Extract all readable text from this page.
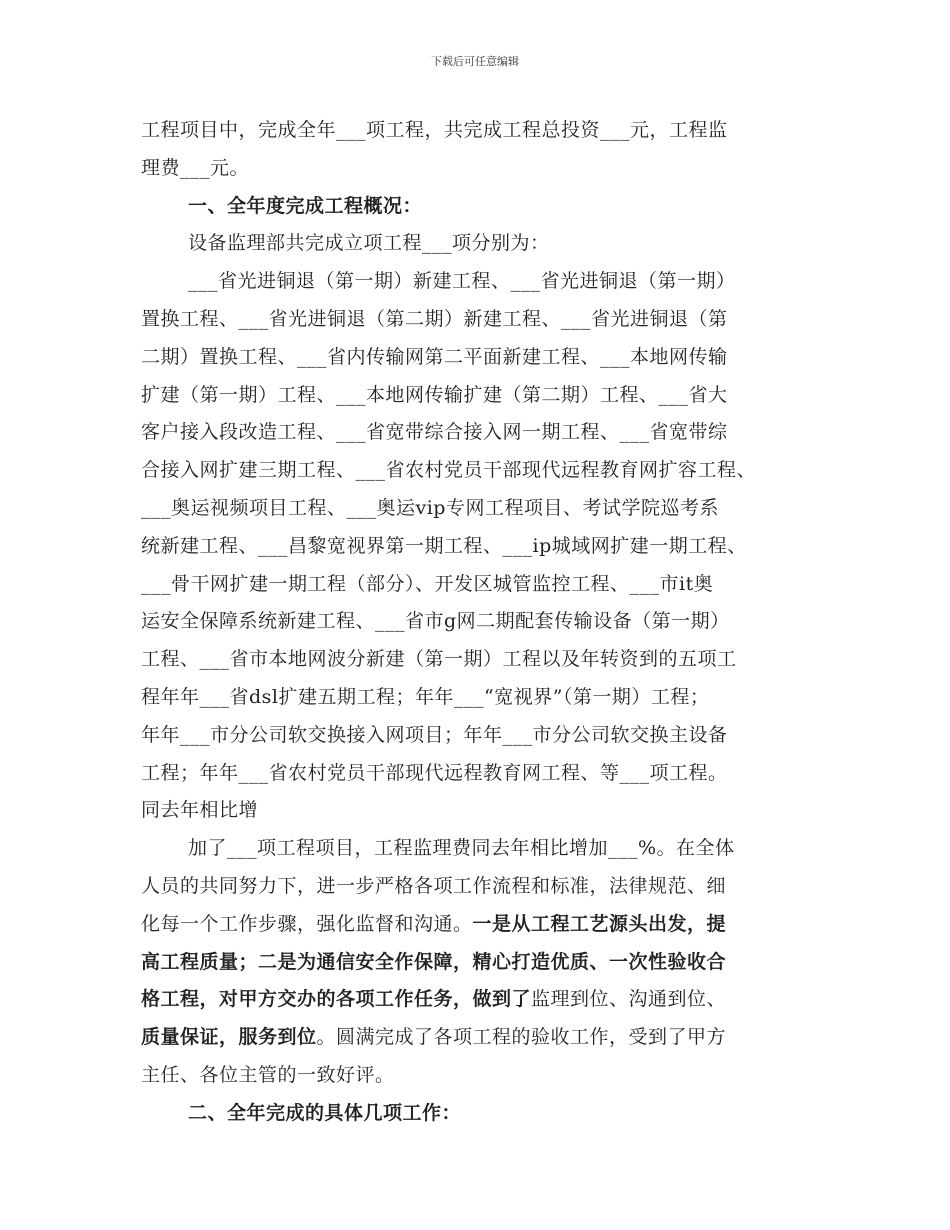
下载后可任意编辑
工程项目中，完成全年___项工程，共完成工程总投资___元，工程监
理费___元。
一、全年度完成工程概况：
设备监理部共完成立项工程___项分别为：
___省光进铜退（第一期）新建工程、___省光进铜退（第一期）
置换工程、___省光进铜退（第二期）新建工程、___省光进铜退（第
二期）置换工程、___省内传输网第二平面新建工程、___本地网传输
扩建（第一期）工程、___本地网传输扩建（第二期）工程、___省大
客户接入段改造工程、___省宽带综合接入网一期工程、___省宽带综
合接入网扩建三期工程、___省农村党员干部现代远程教育网扩容工程、
___奥运视频项目工程、___奥运vip专网工程项目、考试学院巡考系
统新建工程、___昌黎宽视界第一期工程、___ip城域网扩建一期工程、
___骨干网扩建一期工程（部分）、开发区城管监控工程、___市it奥
运安全保障系统新建工程、___省市g网二期配套传输设备（第一期）
工程、___省市本地网波分新建（第一期）工程以及年转资到的五项工
程年年___省dsl扩建五期工程；年年___“宽视界”（第一期）工程；
年年___市分公司软交换接入网项目；年年___市分公司软交换主设备
工程；年年___省农村党员干部现代远程教育网工程、等___项工程。
同去年相比增
加了___项工程项目，工程监理费同去年相比增加___%。在全体
人员的共同努力下，进一步严格各项工作流程和标准，法律规范、细
化每一个工作步骤，强化监督和沟通。一是从工程工艺源头出发，提
高工程质量；二是为通信安全作保障，精心打造优质、一次性验收合
格工程，对甲方交办的各项工作任务，做到了监理到位、沟通到位、
质量保证，服务到位。圆满完成了各项工程的验收工作，受到了甲方
主任、各位主管的一致好评。
二、全年完成的具体几项工作：
